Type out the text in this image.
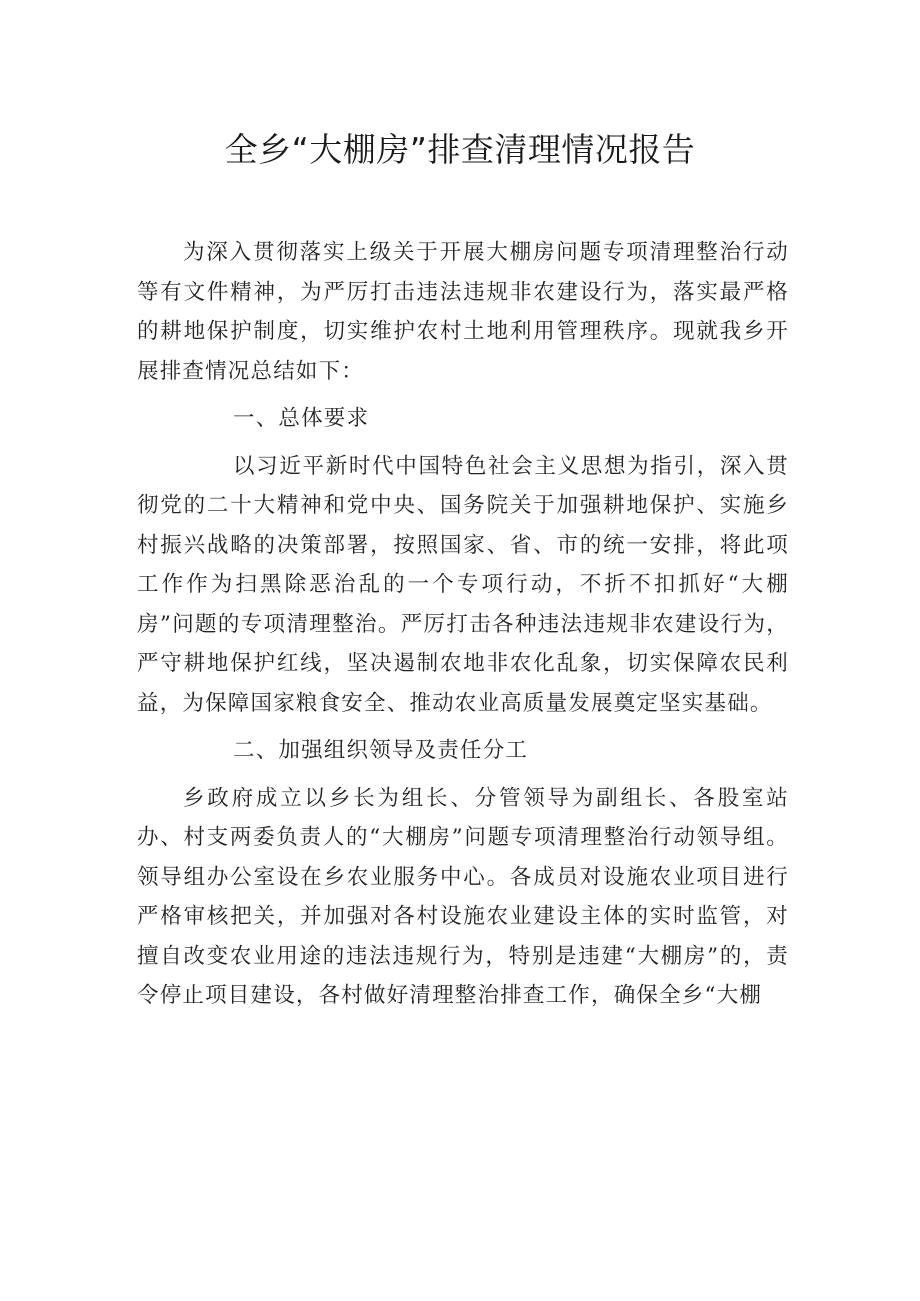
全乡“大棚房”排查清理情况报告

为深入贯彻落实上级关于开展大棚房问题专项清理整治行动等有文件精神，为严厉打击违法违规非农建设行为，落实最严格的耕地保护制度，切实维护农村土地利用管理秩序。现就我乡开展排查情况总结如下：

一、总体要求

以习近平新时代中国特色社会主义思想为指引，深入贯彻党的二十大精神和党中央、国务院关于加强耕地保护、实施乡村振兴战略的决策部署，按照国家、省、市的统一安排，将此项工作作为扫黑除恶治乱的一个专项行动，不折不扣抓好“大棚房”问题的专项清理整治。严厉打击各种违法违规非农建设行为，严守耕地保护红线，坚决遏制农地非农化乱象，切实保障农民利益，为保障国家粮食安全、推动农业高质量发展奠定坚实基础。

二、加强组织领导及责任分工

乡政府成立以乡长为组长、分管领导为副组长、各股室站办、村支两委负责人的“大棚房”问题专项清理整治行动领导组。领导组办公室设在乡农业服务中心。各成员对设施农业项目进行严格审核把关，并加强对各村设施农业建设主体的实时监管，对擅自改变农业用途的违法违规行为，特别是违建“大棚房”的，责令停止项目建设，各村做好清理整治排查工作，确保全乡“大棚
